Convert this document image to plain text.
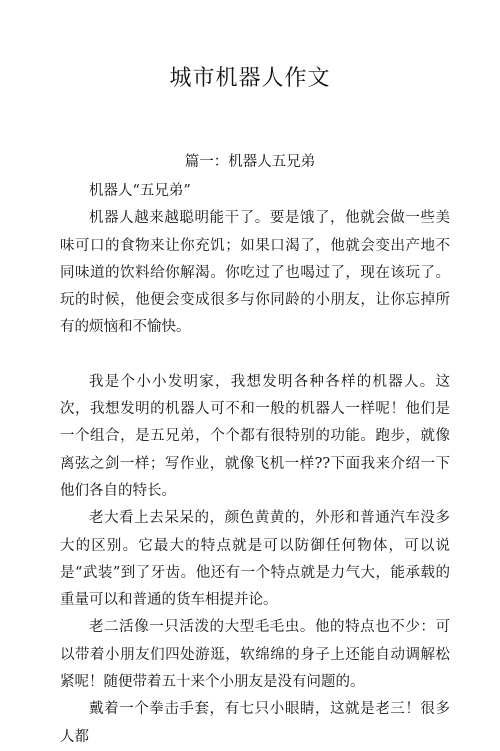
城市机器人作文
篇一：机器人五兄弟

机器人“五兄弟”

机器人越来越聪明能干了。要是饿了，他就会做一些美味可口的食物来让你充饥；如果口渴了，他就会变出产地不同味道的饮料给你解渴。你吃过了也喝过了，现在该玩了。玩的时候，他便会变成很多与你同龄的小朋友，让你忘掉所有的烦恼和不愉快。

我是个小小发明家，我想发明各种各样的机器人。这次，我想发明的机器人可不和一般的机器人一样呢！他们是一个组合，是五兄弟，个个都有很特别的功能。跑步，就像离弦之剑一样；写作业，就像飞机一样??下面我来介绍一下他们各自的特长。

老大看上去呆呆的，颜色黄黄的，外形和普通汽车没多大的区别。它最大的特点就是可以防御任何物体，可以说是“武装”到了牙齿。他还有一个特点就是力气大，能承载的重量可以和普通的货车相提并论。

老二活像一只活泼的大型毛毛虫。他的特点也不少：可以带着小朋友们四处游逛，软绵绵的身子上还能自动调解松紧呢！随便带着五十来个小朋友是没有问题的。

戴着一个拳击手套，有七只小眼睛，这就是老三！很多人都
